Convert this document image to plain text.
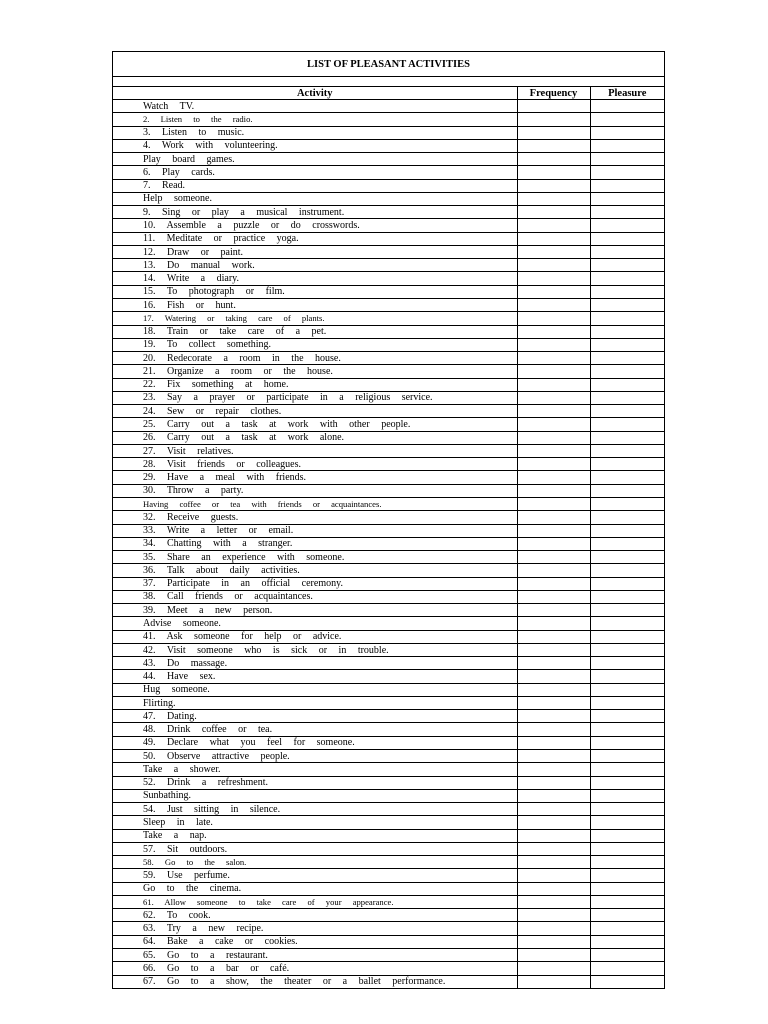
LIST OF PLEASANT ACTIVITIES
Activity	Frequency	Pleasure
Watch TV.		
2. Listen to the radio.		
3. Listen to music.		
4. Work with volunteering.		
Play board games.		
6. Play cards.		
7. Read.		
Help someone.		
9. Sing or play a musical instrument.		
10. Assemble a puzzle or do crosswords.		
11. Meditate or practice yoga.		
12. Draw or paint.		
13. Do manual work.		
14. Write a diary.		
15. To photograph or film.		
16. Fish or hunt.		
17. Watering or taking care of plants.		
18. Train or take care of a pet.		
19. To collect something.		
20. Redecorate a room in the house.		
21. Organize a room or the house.		
22. Fix something at home.		
23. Say a prayer or participate in a religious service.		
24. Sew or repair clothes.		
25. Carry out a task at work with other people.		
26. Carry out a task at work alone.		
27. Visit relatives.		
28. Visit friends or colleagues.		
29. Have a meal with friends.		
30. Throw a party.		
Having coffee or tea with friends or acquaintances.		
32. Receive guests.		
33. Write a letter or email.		
34. Chatting with a stranger.		
35. Share an experience with someone.		
36. Talk about daily activities.		
37. Participate in an official ceremony.		
38. Call friends or acquaintances.		
39. Meet a new person.		
Advise someone.		
41. Ask someone for help or advice.		
42. Visit someone who is sick or in trouble.		
43. Do massage.		
44. Have sex.		
Hug someone.		
Flirting.		
47. Dating.		
48. Drink coffee or tea.		
49. Declare what you feel for someone.		
50. Observe attractive people.		
Take a shower.		
52. Drink a refreshment.		
Sunbathing.		
54. Just sitting in silence.		
Sleep in late.		
Take a nap.		
57. Sit outdoors.		
58. Go to the salon.		
59. Use perfume.		
Go to the cinema.		
61. Allow someone to take care of your appearance.		
62. To cook.		
63. Try a new recipe.		
64. Bake a cake or cookies.		
65. Go to a restaurant.		
66. Go to a bar or café.		
67. Go to a show, the theater or a ballet performance.		
